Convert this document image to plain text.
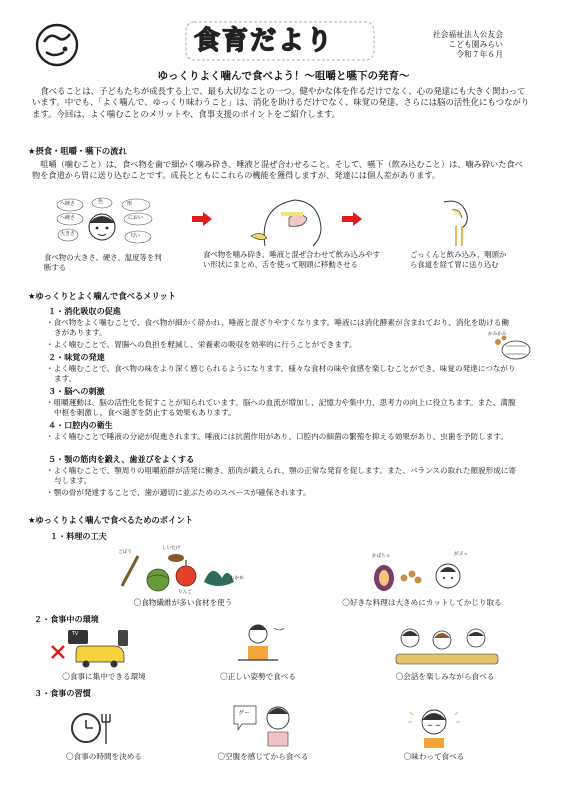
食育だより	社会福祉法人公友会
こども園みらい
令和７年６月
ゆっくりよく噛んで食べよう！～咀嚼と嚥下の発育～
　食べることは、子どもたちが成長する上で、最も大切なことの一つ。健やかな体を作るだけでなく、心の発達にも大きく関わっています。中でも、「よく噛んで、ゆっくり味わうこと」は、消化を助けるだけでなく、味覚の発達、さらには脳の活性化にもつながります。今回は、よく噛むことのメリットや、食事支援のポイントをご紹介します。
★摂食・咀嚼・嚥下の流れ
　咀嚼（噛むこと）は、食べ物を歯で細かく噛み砕き、唾液と混ぜ合わせること。そして、嚥下（飲み込むこと）は、噛み砕いた食べ物を食道から胃に送り込むことです。成長とともにこれらの機能を獲得しますが、発達には個人差があります。
へ硬さ
へ硬さ
色	形
におい
大きさ	匂い
食べ物の大きさ、硬さ、温度等を判断する
食べ物を噛み砕き、唾液と混ぜ合わせて飲み込みやすい形状にまとめ、舌を使って咽頭に移動させる
ごっくんと飲み込み、咽頭から食道を経て胃に送り込む
★ゆっくりとよく噛んで食べるメリット
１・消化吸収の促進
・食べ物をよく噛むことで、食べ物が細かく砕かれ、唾液と混ざりやすくなります。唾液には消化酵素が含まれており、消化を助ける働きがあります。
・よく噛むことで、胃腸への負担を軽減し、栄養素の吸収を効率的に行うことができます。
かみかみ
２・味覚の発達
・よく噛むことで、食べ物の味をより深く感じられるようになります。様々な食材の味や食感を楽しむことができ、味覚の発達につながります。
３・脳への刺激
・咀嚼運動は、脳の活性化を促すことが知られています。脳への血流が増加し、記憶力や集中力、思考力の向上に役立ちます。また、満腹中枢を刺激し、食べ過ぎを防止する効果もあります。
４・口腔内の衛生
・よく噛むことで唾液の分泌が促進されます。唾液には抗菌作用があり、口腔内の細菌の繁殖を抑える効果があり、虫歯を予防します。
５・顎の筋肉を鍛え、歯並びをよくする
・よく噛むことで、顎周りの咀嚼筋群が活発に働き、筋肉が鍛えられ、顎の正常な発育を促します。また、バランスの取れた顔貌形成に寄与します。
・顎の骨が発達することで、歯が適切に並ぶためのスペースが確保されます。
★ゆっくりよく噛んで食べるためのポイント
１・料理の工夫
ごぼう
しいたけ
りんご
わかめ
かぼちゃ	がぶっ
〇食物繊維が多い食材を使う	〇好きな料理は大きめにカットしてかじり取る
２・食事中の環境
TV
〇食事に集中できる環境	〇正しい姿勢で食べる	〇会話を楽しみながら食べる
３・食事の習慣
グ～
〇食事の時間を決める	〇空腹を感じてから食べる	〇味わって食べる
